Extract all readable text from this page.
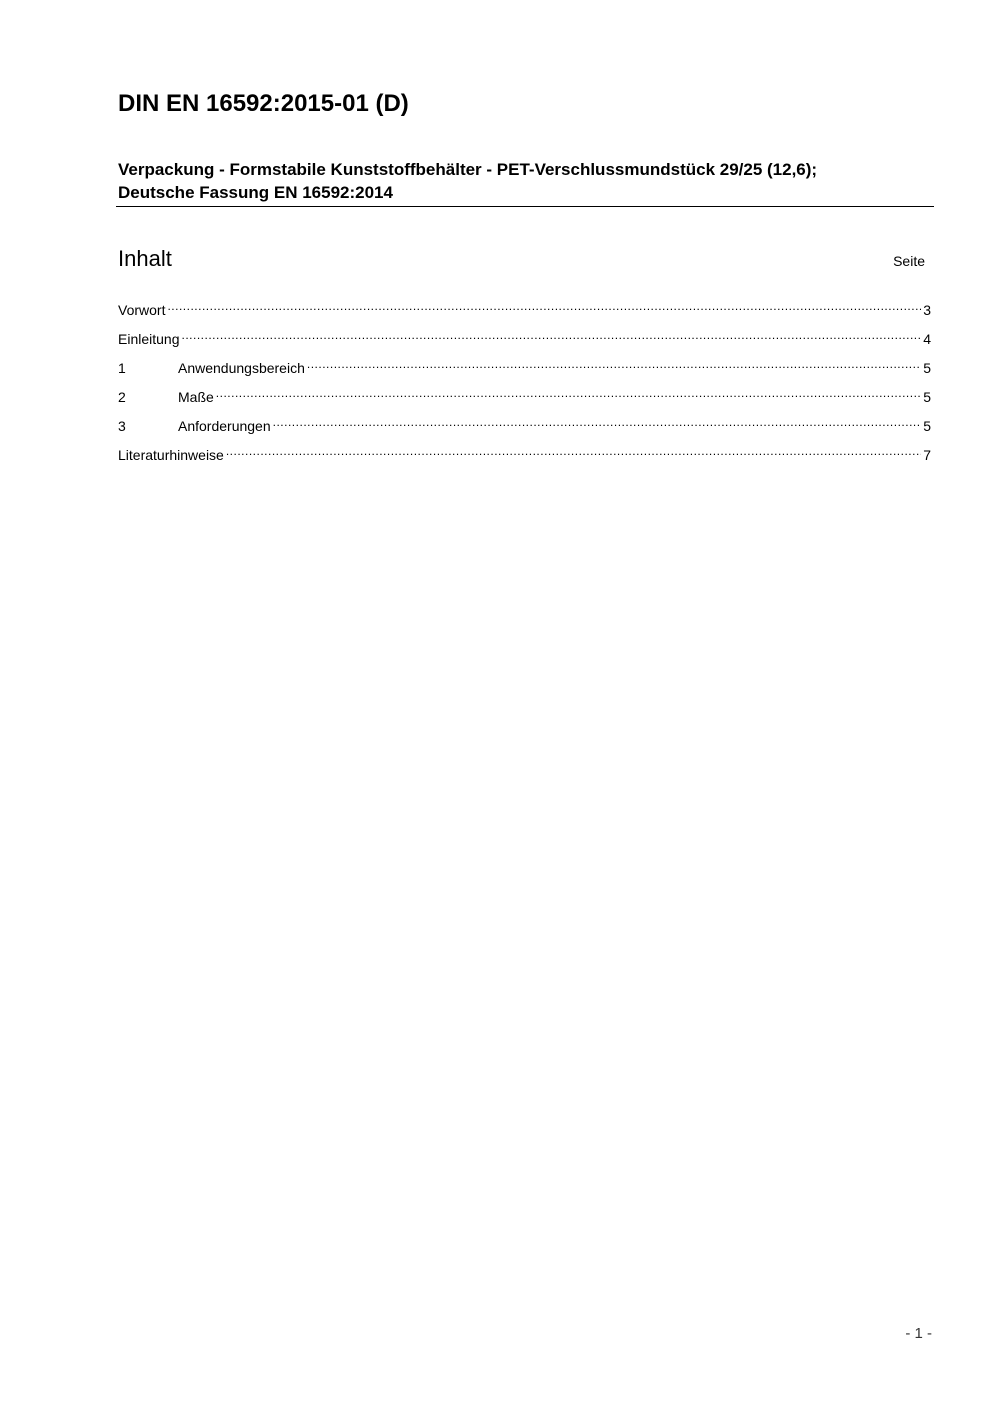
DIN EN 16592:2015-01 (D)

Verpackung - Formstabile Kunststoffbehälter - PET-Verschlussmundstück 29/25 (12,6); Deutsche Fassung EN 16592:2014

Inhalt	Seite
Vorwort .....	3
Einleitung .....	4
1	Anwendungsbereich .....	5
2	Maße .....	5
3	Anforderungen .....	5
Literaturhinweise .....	7
- 1 -
